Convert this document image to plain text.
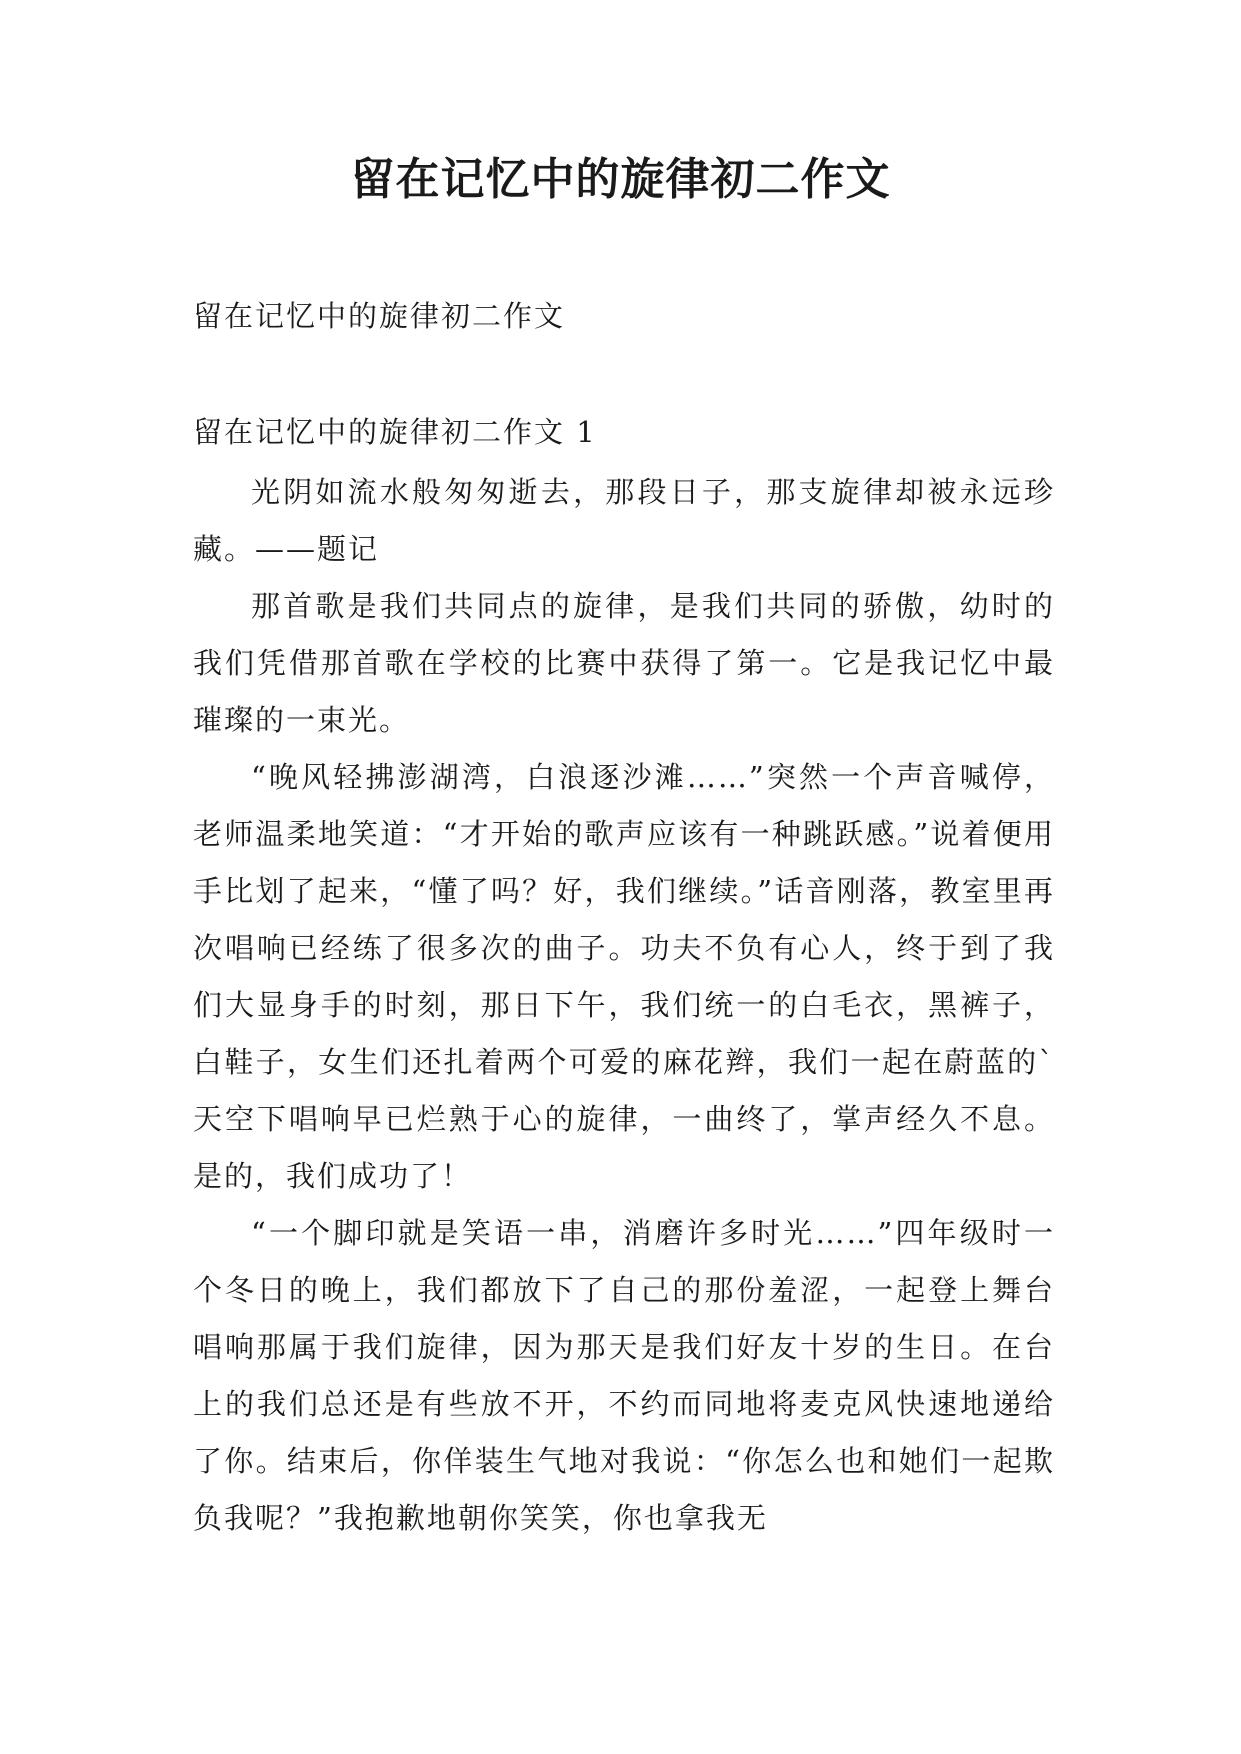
留在记忆中的旋律初二作文
留在记忆中的旋律初二作文
留在记忆中的旋律初二作文 1

光阴如流水般匆匆逝去，那段日子，那支旋律却被永远珍藏。——题记

那首歌是我们共同点的旋律，是我们共同的骄傲，幼时的我们凭借那首歌在学校的比赛中获得了第一。它是我记忆中最璀璨的一束光。

“晚风轻拂澎湖湾，白浪逐沙滩……”突然一个声音喊停，老师温柔地笑道：“才开始的歌声应该有一种跳跃感。”说着便用手比划了起来，“懂了吗？好，我们继续。”话音刚落，教室里再次唱响已经练了很多次的曲子。功夫不负有心人，终于到了我们大显身手的时刻，那日下午，我们统一的白毛衣，黑裤子，白鞋子，女生们还扎着两个可爱的麻花辫，我们一起在蔚蓝的`天空下唱响早已烂熟于心的旋律，一曲终了，掌声经久不息。是的，我们成功了！

“一个脚印就是笑语一串，消磨许多时光……”四年级时一个冬日的晚上，我们都放下了自己的那份羞涩，一起登上舞台唱响那属于我们旋律，因为那天是我们好友十岁的生日。在台上的我们总还是有些放不开，不约而同地将麦克风快速地递给了你。结束后，你佯装生气地对我说：“你怎么也和她们一起欺负我呢？”我抱歉地朝你笑笑，你也拿我无
